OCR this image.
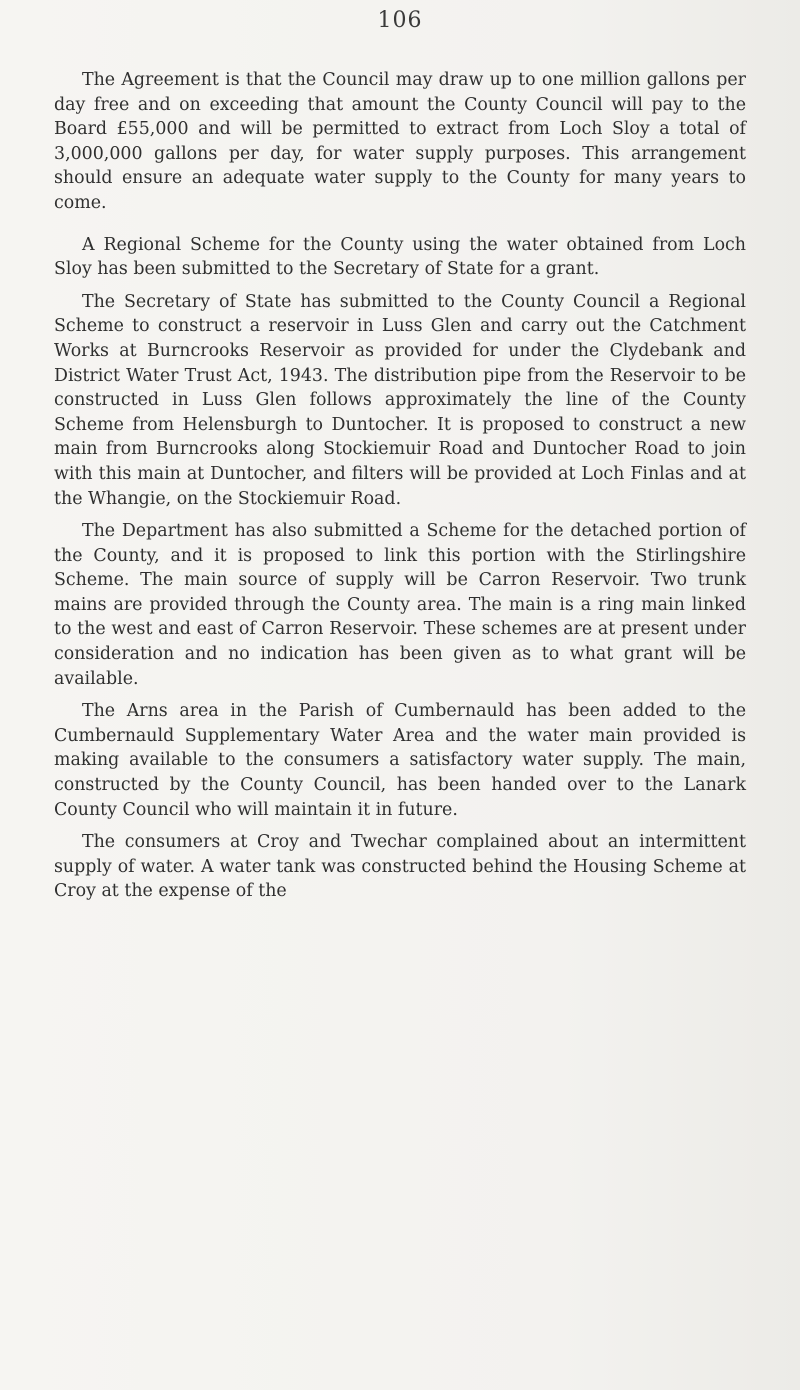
106

The Agreement is that the Council may draw up to one million gallons per day free and on exceeding that amount the County Council will pay to the Board £55,000 and will be permitted to extract from Loch Sloy a total of 3,000,000 gallons per day, for water supply purposes. This arrangement should ensure an adequate water supply to the County for many years to come.

A Regional Scheme for the County using the water obtained from Loch Sloy has been submitted to the Secretary of State for a grant.

The Secretary of State has submitted to the County Council a Regional Scheme to construct a reservoir in Luss Glen and carry out the Catchment Works at Burncrooks Reservoir as provided for under the Clydebank and District Water Trust Act, 1943. The distribution pipe from the Reservoir to be constructed in Luss Glen follows approximately the line of the County Scheme from Helensburgh to Duntocher. It is proposed to construct a new main from Burncrooks along Stockiemuir Road and Duntocher Road to join with this main at Duntocher, and filters will be provided at Loch Finlas and at the Whangie, on the Stockiemuir Road.

The Department has also submitted a Scheme for the detached portion of the County, and it is proposed to link this portion with the Stirlingshire Scheme. The main source of supply will be Carron Reservoir. Two trunk mains are provided through the County area. The main is a ring main linked to the west and east of Carron Reservoir. These schemes are at present under consideration and no indication has been given as to what grant will be available.

The Arns area in the Parish of Cumbernauld has been added to the Cumbernauld Supplementary Water Area and the water main provided is making available to the consumers a satisfactory water supply. The main, constructed by the County Council, has been handed over to the Lanark County Council who will maintain it in future.

The consumers at Croy and Twechar complained about an intermittent supply of water. A water tank was constructed behind the Housing Scheme at Croy at the expense of the
